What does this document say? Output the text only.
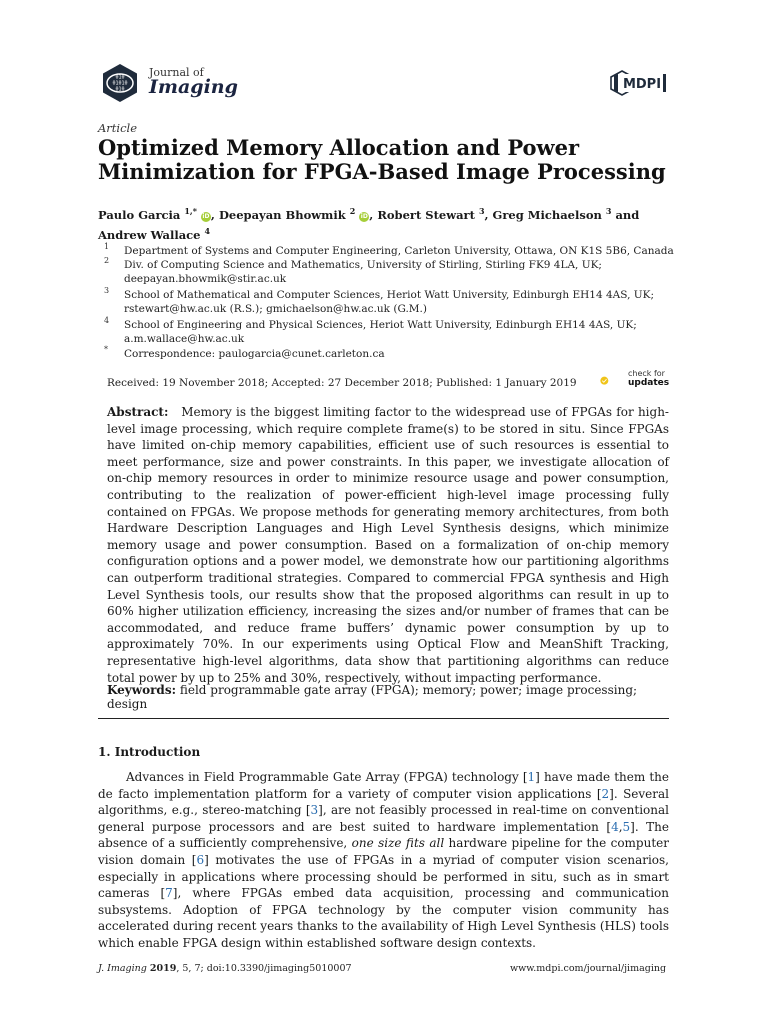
010
01010
010
Journal of
Imaging	MDPI
Article
Optimized Memory Allocation and Power Minimization for FPGA-Based Image Processing
Paulo Garcia $^{1,*}$ iD, Deepayan Bhowmik $^2$ iD, Robert Stewart $^3$, Greg Michaelson $^3$ and
Andrew Wallace $^4$
1 Department of Systems and Computer Engineering, Carleton University, Ottawa, ON K1S 5B6, Canada
2 Div. of Computing Science and Mathematics, University of Stirling, Stirling FK9 4LA, UK;
deepayan.bhowmik@stir.ac.uk
3 School of Mathematical and Computer Sciences, Heriot Watt University, Edinburgh EH14 4AS, UK;
rstewart@hw.ac.uk (R.S.); gmichaelson@hw.ac.uk (G.M.)
4 School of Engineering and Physical Sciences, Heriot Watt University, Edinburgh EH14 4AS, UK;
a.m.wallace@hw.ac.uk
* Correspondence: paulogarcia@cunet.carleton.ca
Received: 19 November 2018; Accepted: 27 December 2018; Published: 1 January 2019
check for
updates
Abstract: Memory is the biggest limiting factor to the widespread use of FPGAs for high-level image processing, which require complete frame(s) to be stored in situ. Since FPGAs have limited on-chip memory capabilities, efficient use of such resources is essential to meet performance, size and power constraints. In this paper, we investigate allocation of on-chip memory resources in order to minimize resource usage and power consumption, contributing to the realization of power-efficient high-level image processing fully contained on FPGAs. We propose methods for generating memory architectures, from both Hardware Description Languages and High Level Synthesis designs, which minimize memory usage and power consumption. Based on a formalization of on-chip memory configuration options and a power model, we demonstrate how our partitioning algorithms can outperform traditional strategies. Compared to commercial FPGA synthesis and High Level Synthesis tools, our results show that the proposed algorithms can result in up to 60% higher utilization efficiency, increasing the sizes and/or number of frames that can be accommodated, and reduce frame buffers’ dynamic power consumption by up to approximately 70%. In our experiments using Optical Flow and MeanShift Tracking, representative high-level algorithms, data show that partitioning algorithms can reduce total power by up to 25% and 30%, respectively, without impacting performance.
Keywords: field programmable gate array (FPGA); memory; power; image processing; design
1. Introduction
Advances in Field Programmable Gate Array (FPGA) technology [1] have made them the de facto implementation platform for a variety of computer vision applications [2]. Several algorithms, e.g., stereo-matching [3], are not feasibly processed in real-time on conventional general purpose processors and are best suited to hardware implementation [4,5]. The absence of a sufficiently comprehensive, one size fits all hardware pipeline for the computer vision domain [6] motivates the use of FPGAs in a myriad of computer vision scenarios, especially in applications where processing should be performed in situ, such as in smart cameras [7], where FPGAs embed data acquisition, processing and communication subsystems. Adoption of FPGA technology by the computer vision community has accelerated during recent years thanks to the availability of High Level Synthesis (HLS) tools which enable FPGA design within established software design contexts.
J. Imaging 2019, 5, 7; doi:10.3390/jimaging5010007	www.mdpi.com/journal/jimaging
